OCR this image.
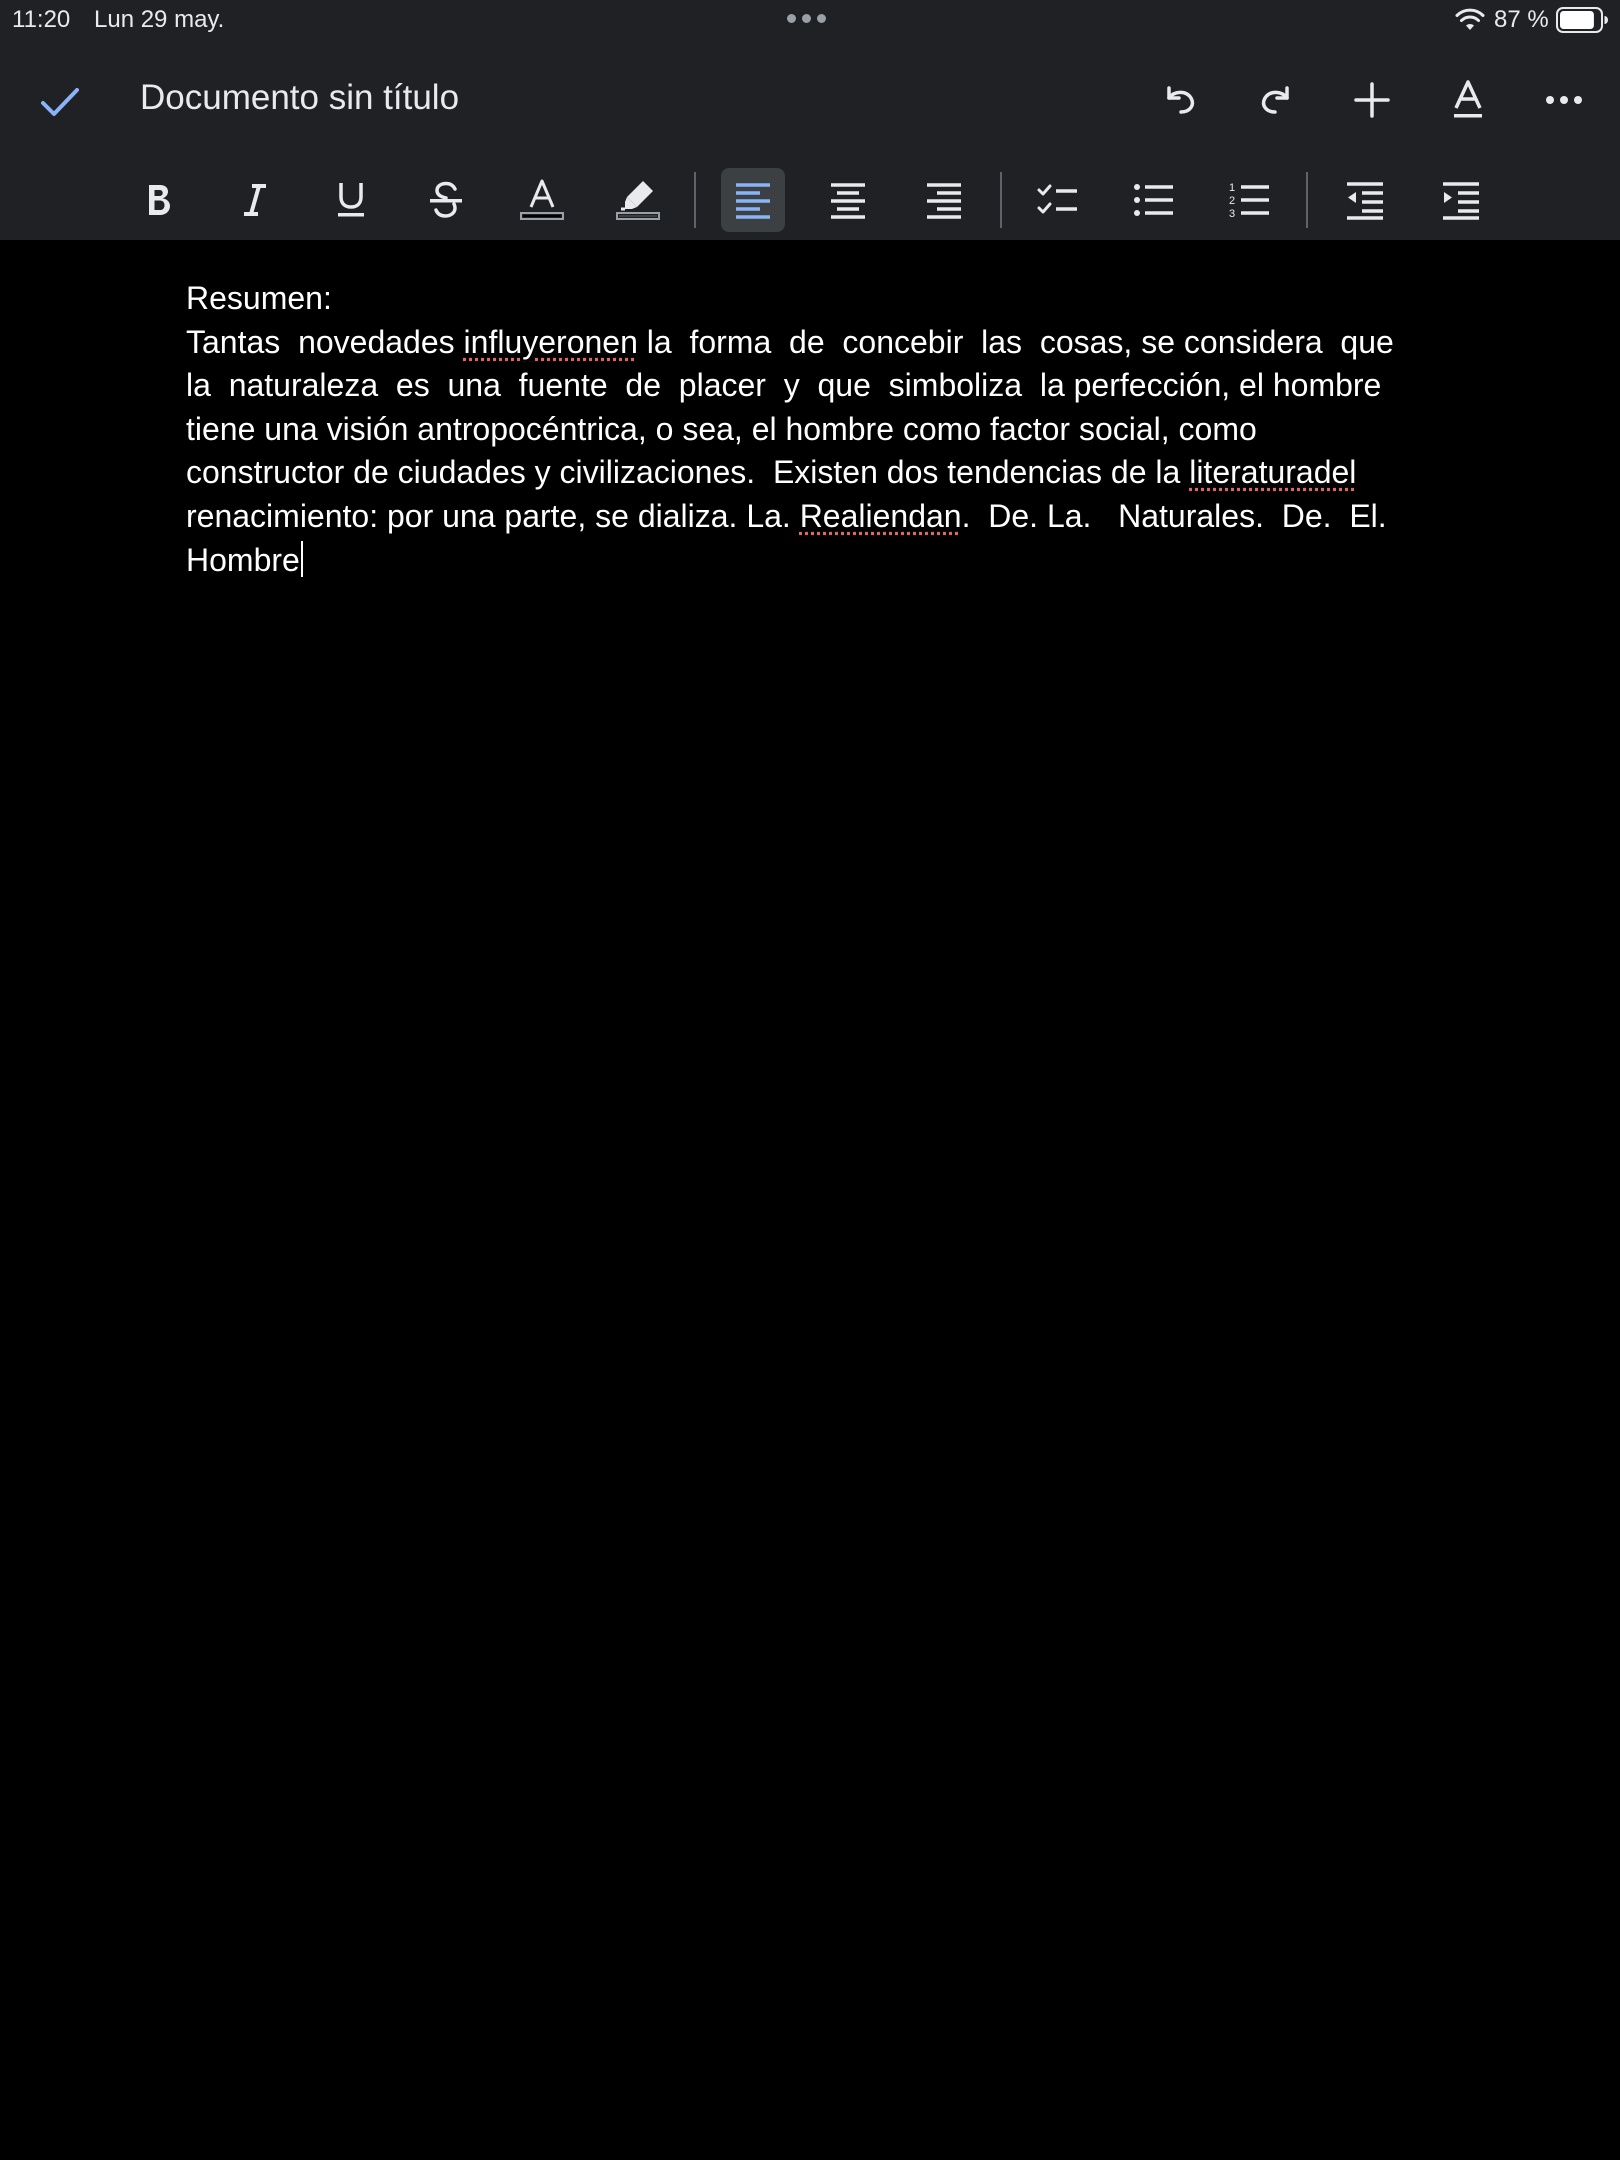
11:20 Lun 29 may.	87 %
Documento sin título
1
2
3
Resumen:
Tantas  novedades influyeronen la  forma  de  concebir  las  cosas, se considera  que
la  naturaleza  es  una  fuente  de  placer  y  que  simboliza  la perfección, el hombre
tiene una visión antropocéntrica, o sea, el hombre como factor social, como
constructor de ciudades y civilizaciones.  Existen dos tendencias de la literaturadel
renacimiento: por una parte, se dializa. La. Realiendan.  De. La.   Naturales.  De.  El.
Hombre
